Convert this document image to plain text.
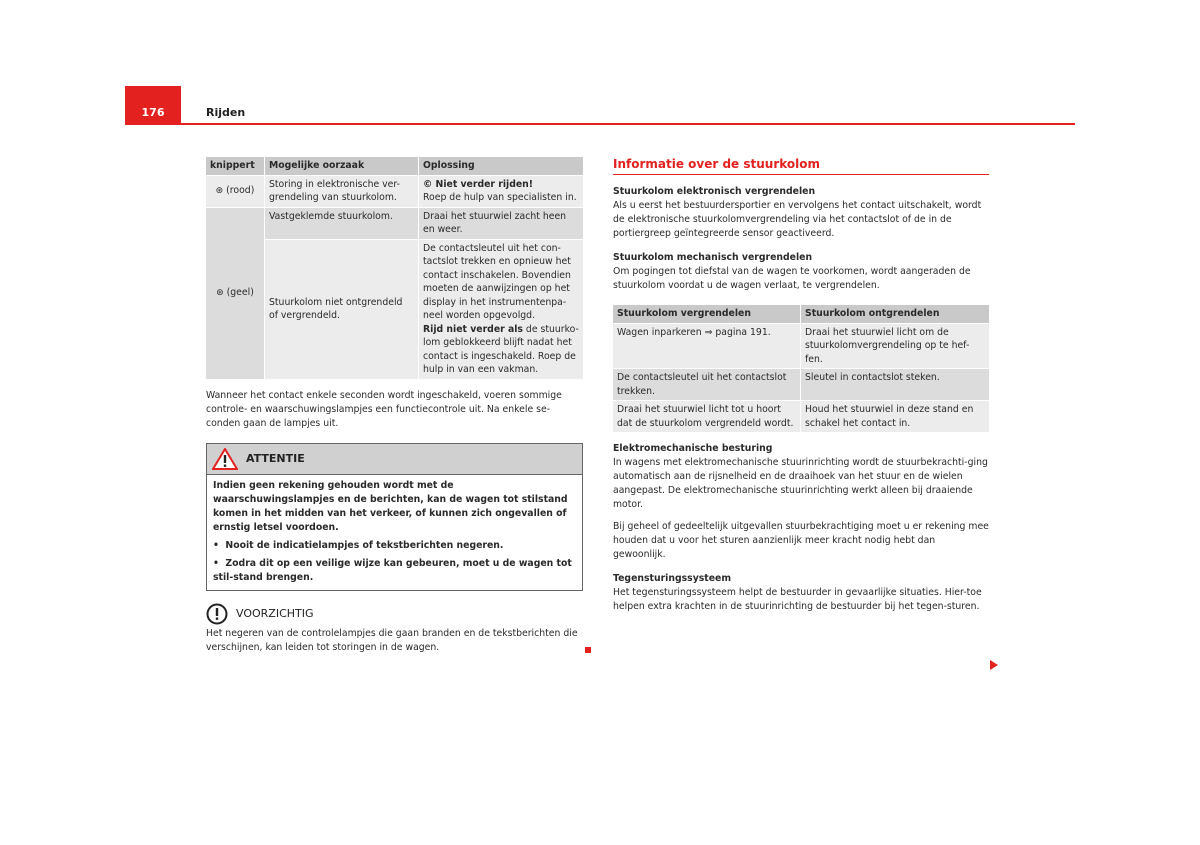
176	Rijden
knippert	Mogelijke oorzaak	Oplossing
⊛ (rood)	Storing in elektronische ver-grendeling van stuurkolom.	© Niet verder rijden!
Roep de hulp van specialisten in.
⊛ (geel)	Vastgeklemde stuurkolom.	Draai het stuurwiel zacht heen en weer.
	Stuurkolom niet ontgrendeld of vergrendeld.	De contactsleutel uit het con-tactslot trekken en opnieuw het contact inschakelen. Bovendien moeten de aanwijzingen op het display in het instrumentenpa-neel worden opgevolgd.
Rijd niet verder als de stuurko-lom geblokkeerd blijft nadat het contact is ingeschakeld. Roep de hulp in van een vakman.

Wanneer het contact enkele seconden wordt ingeschakeld, voeren sommige controle- en waarschuwingslampjes een functiecontrole uit. Na enkele se-conden gaan de lampjes uit.

ATTENTIE
Indien geen rekening gehouden wordt met de waarschuwingslampjes en de berichten, kan de wagen tot stilstand komen in het midden van het verkeer, of kunnen zich ongevallen of ernstig letsel voordoen.
•  Nooit de indicatielampjes of tekstberichten negeren.
•  Zodra dit op een veilige wijze kan gebeuren, moet u de wagen tot stil-stand brengen.
VOORZICHTIG
Het negeren van de controlelampjes die gaan branden en de tekstberichten die verschijnen, kan leiden tot storingen in de wagen.
Informatie over de stuurkolom
Stuurkolom elektronisch vergrendelen
Als u eerst het bestuurdersportier en vervolgens het contact uitschakelt, wordt de elektronische stuurkolomvergrendeling via het contactslot of de in de portiergreep geïntegreerde sensor geactiveerd.
Stuurkolom mechanisch vergrendelen
Om pogingen tot diefstal van de wagen te voorkomen, wordt aangeraden de stuurkolom voordat u de wagen verlaat, te vergrendelen.
Stuurkolom vergrendelen	Stuurkolom ontgrendelen
Wagen inparkeren ⇒ pagina 191.	Draai het stuurwiel licht om de stuurkolomvergrendeling op te hef-fen.
De contactsleutel uit het contactslot trekken.	Sleutel in contactslot steken.
Draai het stuurwiel licht tot u hoort dat de stuurkolom vergrendeld wordt.	Houd het stuurwiel in deze stand en schakel het contact in.
Elektromechanische besturing
In wagens met elektromechanische stuurinrichting wordt de stuurbekrachti-ging automatisch aan de rijsnelheid en de draaihoek van het stuur en de wielen aangepast. De elektromechanische stuurinrichting werkt alleen bij draaiende motor.
Bij geheel of gedeeltelijk uitgevallen stuurbekrachtiging moet u er rekening mee houden dat u voor het sturen aanzienlijk meer kracht nodig hebt dan gewoonlijk.
Tegensturingssysteem
Het tegensturingssysteem helpt de bestuurder in gevaarlijke situaties. Hier-toe helpen extra krachten in de stuurinrichting de bestuurder bij het tegen-sturen.
